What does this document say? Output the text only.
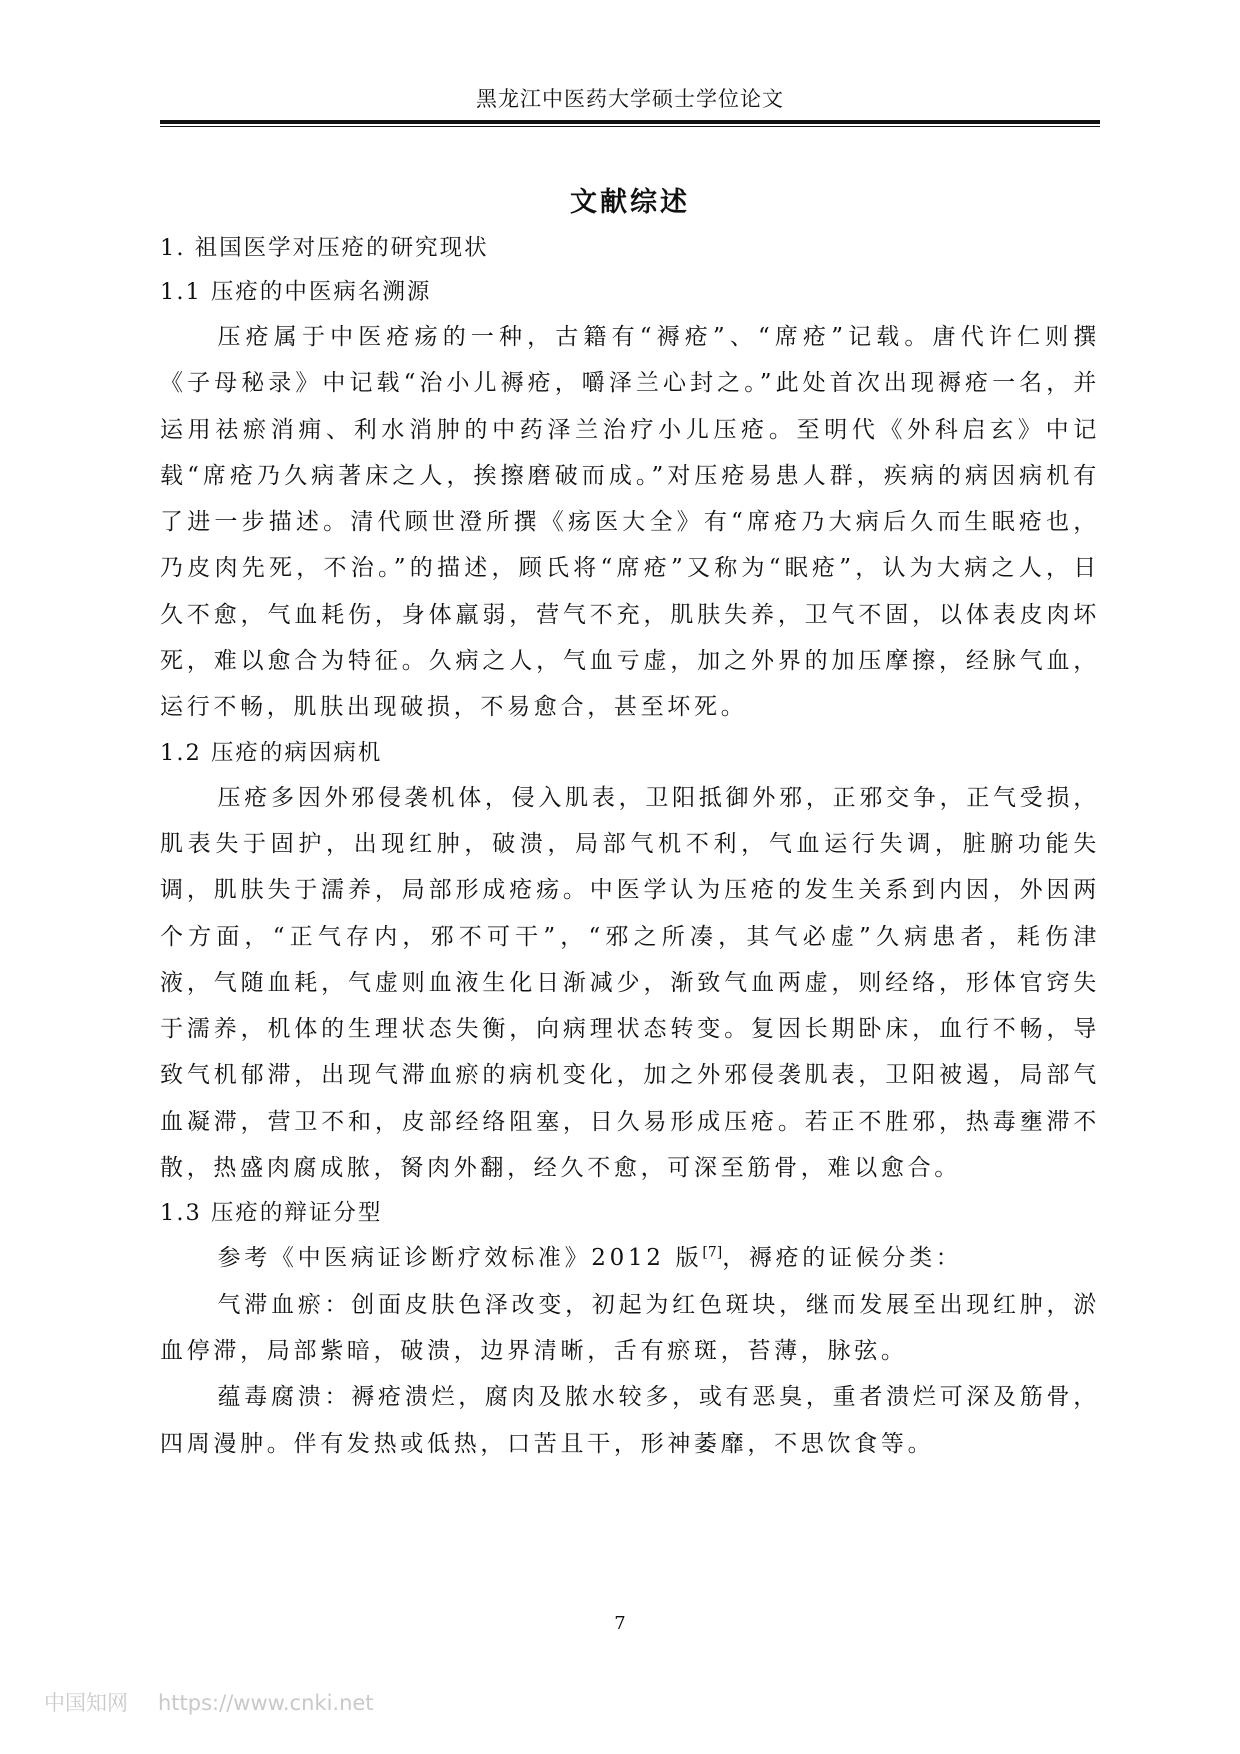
黑龙江中医药大学硕士学位论文
文献综述
1. 祖国医学对压疮的研究现状
1.1 压疮的中医病名溯源

压疮属于中医疮疡的一种，古籍有“褥疮”、“席疮”记载。唐代许仁则撰《子母秘录》中记载“治小儿褥疮，嚼泽兰心封之。”此处首次出现褥疮一名，并运用祛瘀消痈、利水消肿的中药泽兰治疗小儿压疮。至明代《外科启玄》中记载“席疮乃久病著床之人，挨擦磨破而成。”对压疮易患人群，疾病的病因病机有了进一步描述。清代顾世澄所撰《疡医大全》有“席疮乃大病后久而生眠疮也，乃皮肉先死，不治。”的描述，顾氏将“席疮”又称为“眠疮”，认为大病之人，日久不愈，气血耗伤，身体羸弱，营气不充，肌肤失养，卫气不固，以体表皮肉坏死，难以愈合为特征。久病之人，气血亏虚，加之外界的加压摩擦，经脉气血，运行不畅，肌肤出现破损，不易愈合，甚至坏死。

1.2 压疮的病因病机

压疮多因外邪侵袭机体，侵入肌表，卫阳抵御外邪，正邪交争，正气受损，肌表失于固护，出现红肿，破溃，局部气机不利，气血运行失调，脏腑功能失调，肌肤失于濡养，局部形成疮疡。中医学认为压疮的发生关系到内因，外因两个方面，“正气存内，邪不可干”，“邪之所凑，其气必虚”久病患者，耗伤津液，气随血耗，气虚则血液生化日渐减少，渐致气血两虚，则经络，形体官窍失于濡养，机体的生理状态失衡，向病理状态转变。复因长期卧床，血行不畅，导致气机郁滞，出现气滞血瘀的病机变化，加之外邪侵袭肌表，卫阳被遏，局部气血凝滞，营卫不和，皮部经络阻塞，日久易形成压疮。若正不胜邪，热毒壅滞不散，热盛肉腐成脓，胬肉外翻，经久不愈，可深至筋骨，难以愈合。

1.3 压疮的辩证分型

参考《中医病证诊断疗效标准》2012 版[7]，褥疮的证候分类：

气滞血瘀：创面皮肤色泽改变，初起为红色斑块，继而发展至出现红肿，淤血停滞，局部紫暗，破溃，边界清晰，舌有瘀斑，苔薄，脉弦。

蕴毒腐溃：褥疮溃烂，腐肉及脓水较多，或有恶臭，重者溃烂可深及筋骨，四周漫肿。伴有发热或低热，口苦且干，形神萎靡，不思饮食等。

7
中国知网 https://www.cnki.net
